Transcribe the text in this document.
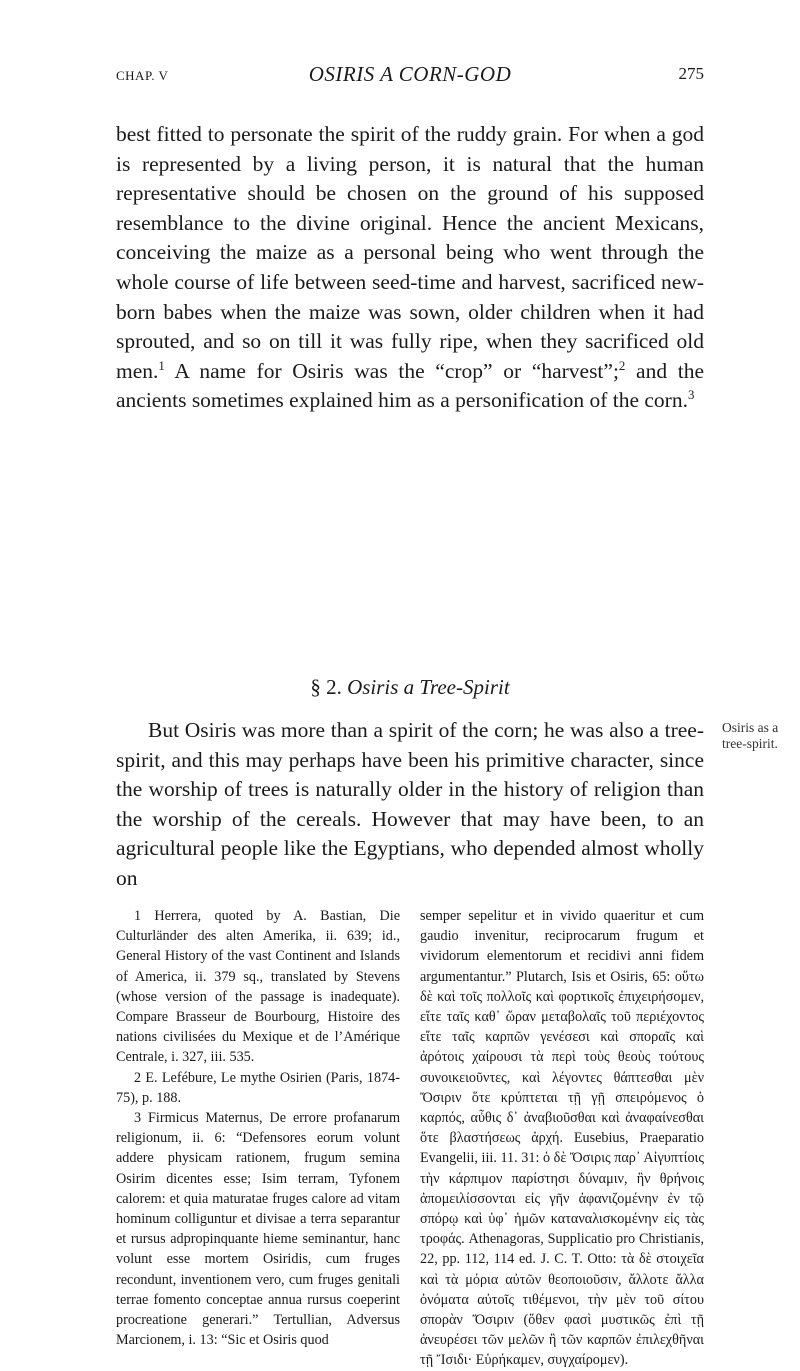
CHAP. V	OSIRIS A CORN-GOD	275

best fitted to personate the spirit of the ruddy grain. For when a god is represented by a living person, it is natural that the human representative should be chosen on the ground of his supposed resemblance to the divine original. Hence the ancient Mexicans, conceiving the maize as a personal being who went through the whole course of life between seed-time and harvest, sacrificed new-born babes when the maize was sown, older children when it had sprouted, and so on till it was fully ripe, when they sacrificed old men.$^1$ A name for Osiris was the “crop” or “harvest”;$^2$ and the ancients sometimes explained him as a personification of the corn.$^3$

§ 2. Osiris a Tree-Spirit

But Osiris was more than a spirit of the corn; he was also a tree-spirit, and this may perhaps have been his primitive character, since the worship of trees is naturally older in the history of religion than the worship of the cereals. However that may have been, to an agricultural people like the Egyptians, who depended almost wholly on

Osiris as a tree-spirit.

1 Herrera, quoted by A. Bastian, Die Culturländer des alten Amerika, ii. 639; id., General History of the vast Continent and Islands of America, ii. 379 sq., translated by Stevens (whose version of the passage is inadequate). Compare Brasseur de Bourbourg, Histoire des nations civilisées du Mexique et de l’Amérique Centrale, i. 327, iii. 535.

2 E. Lefébure, Le mythe Osirien (Paris, 1874-75), p. 188.

3 Firmicus Maternus, De errore profanarum religionum, ii. 6: “Defensores eorum volunt addere physicam rationem, frugum semina Osirim dicentes esse; Isim terram, Tyfonem calorem: et quia maturatae fruges calore ad vitam hominum colliguntur et divisae a terra separantur et rursus adpropinquante hieme seminantur, hanc volunt esse mortem Osiridis, cum fruges recondunt, inventionem vero, cum fruges genitali terrae fomento conceptae annua rursus coeperint procreatione generari.” Tertullian, Adversus Marcionem, i. 13: “Sic et Osiris quod

semper sepelitur et in vivido quaeritur et cum gaudio invenitur, reciprocarum frugum et vividorum elementorum et recidivi anni fidem argumentantur.” Plutarch, Isis et Osiris, 65: οὕτω δὲ καὶ τοῖς πολλοῖς καὶ φορτικοῖς ἐπιχειρήσομεν, εἴτε ταῖς καθ᾽ ὥραν μεταβολαῖς τοῦ περιέχοντος εἴτε ταῖς καρπῶν γενέσεσι καὶ σποραῖς καὶ ἀρότοις χαίρουσι τὰ περὶ τοὺς θεοὺς τούτους συνοικειοῦντες, καὶ λέγοντες θάπτεσθαι μὲν Ὄσιριν ὅτε κρύπτεται τῇ γῇ σπειρόμενος ὁ καρπός, αὖθις δ᾽ ἀναβιοῦσθαι καὶ ἀναφαίνεσθαι ὅτε βλαστήσεως ἀρχή. Eusebius, Praeparatio Evangelii, iii. 11. 31: ὁ δὲ Ὄσιρις παρ᾽ Αἰγυπτίοις τὴν κάρπιμον παρίστησι δύναμιν, ἣν θρήνοις ἀπομειλίσσονται εἰς γῆν ἀφανιζομένην ἐν τῷ σπόρῳ καὶ ὑφ᾽ ἡμῶν καταναλισκομένην εἰς τὰς τροφάς. Athenagoras, Supplicatio pro Christianis, 22, pp. 112, 114 ed. J. C. T. Otto: τὰ δὲ στοιχεῖα καὶ τὰ μόρια αὐτῶν θεοποιοῦσιν, ἄλλοτε ἄλλα ὀνόματα αὐτοῖς τιθέμενοι, τὴν μὲν τοῦ σίτου σπορὰν Ὄσιριν (ὅθεν φασὶ μυστικῶς ἐπὶ τῇ ἀνευρέσει τῶν μελῶν ἢ τῶν καρπῶν ἐπιλεχθῆναι τῇ Ἴσιδι· Εὑρήκαμεν, συγχαίρομεν).
